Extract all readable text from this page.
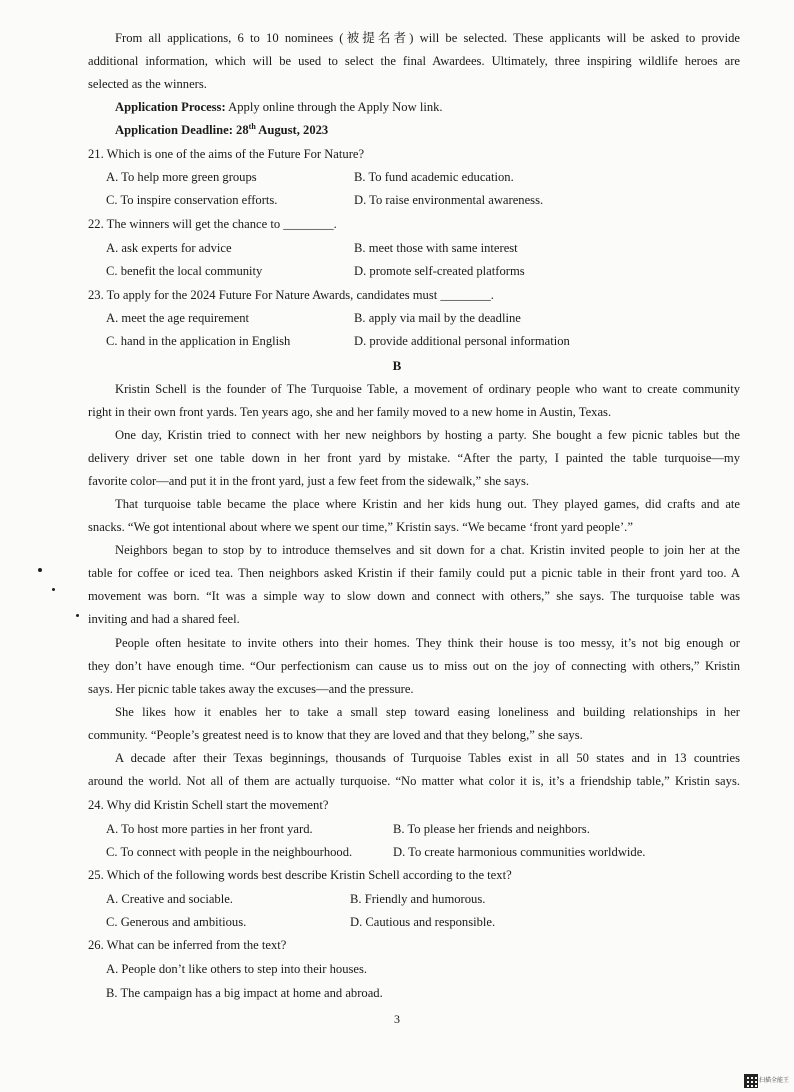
From all applications, 6 to 10 nominees (被提名者) will be selected. These applicants will be asked to provide
additional information, which will be used to select the final Awardees. Ultimately, three inspiring wildlife heroes are
selected as the winners.
Application Process: Apply online through the Apply Now link.
Application Deadline: 28th August, 2023
21. Which is one of the aims of the Future For Nature?
A. To help more green groups	B. To fund academic education.
C. To inspire conservation efforts.	D. To raise environmental awareness.
22. The winners will get the chance to ________.
A. ask experts for advice	B. meet those with same interest
C. benefit the local community	D. promote self-created platforms
23. To apply for the 2024 Future For Nature Awards, candidates must ________.
A. meet the age requirement	B. apply via mail by the deadline
C. hand in the application in English	D. provide additional personal information
B
Kristin Schell is the founder of The Turquoise Table, a movement of ordinary people who want to create community
right in their own front yards. Ten years ago, she and her family moved to a new home in Austin, Texas.
One day, Kristin tried to connect with her new neighbors by hosting a party. She bought a few picnic tables but the
delivery driver set one table down in her front yard by mistake. “After the party, I painted the table turquoise—my
favorite color—and put it in the front yard, just a few feet from the sidewalk,” she says.
That turquoise table became the place where Kristin and her kids hung out. They played games, did crafts and ate
snacks. “We got intentional about where we spent our time,” Kristin says. “We became ‘front yard people’.”
Neighbors began to stop by to introduce themselves and sit down for a chat. Kristin invited people to join her at the
table for coffee or iced tea. Then neighbors asked Kristin if their family could put a picnic table in their front yard too. A
movement was born. “It was a simple way to slow down and connect with others,” she says. The turquoise table was
inviting and had a shared feel.
People often hesitate to invite others into their homes. They think their house is too messy, it’s not big enough or
they don’t have enough time. “Our perfectionism can cause us to miss out on the joy of connecting with others,” Kristin
says. Her picnic table takes away the excuses—and the pressure.
She likes how it enables her to take a small step toward easing loneliness and building relationships in her
community. “People’s greatest need is to know that they are loved and that they belong,” she says.
A decade after their Texas beginnings, thousands of Turquoise Tables exist in all 50 states and in 13 countries
around the world. Not all of them are actually turquoise. “No matter what color it is, it’s a friendship table,” Kristin says.
24. Why did Kristin Schell start the movement?
A. To host more parties in her front yard.	B. To please her friends and neighbors.
C. To connect with people in the neighbourhood.	D. To create harmonious communities worldwide.
25. Which of the following words best describe Kristin Schell according to the text?
A. Creative and sociable.	B. Friendly and humorous.
C. Generous and ambitious.	D. Cautious and responsible.
26. What can be inferred from the text?
A. People don’t like others to step into their houses.
B. The campaign has a big impact at home and abroad.
3
扫描全能王
